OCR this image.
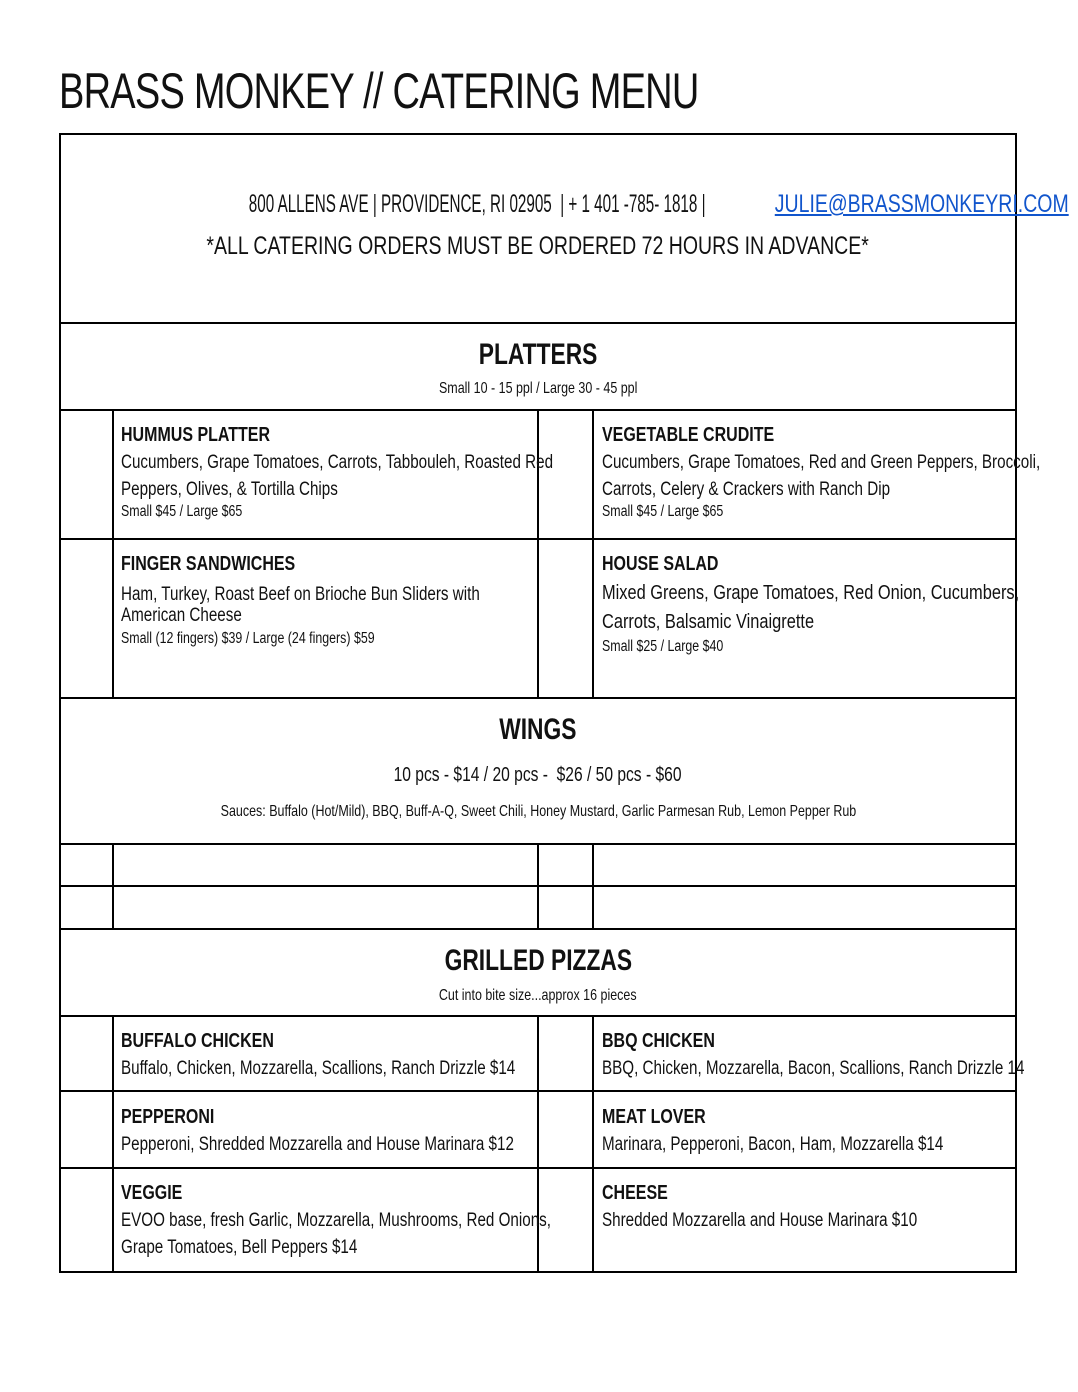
BRASS MONKEY // CATERING MENU
800 ALLENS AVE | PROVIDENCE, RI 02905  | + 1 401 -785- 1818 |	JULIE@BRASSMONKEYRI.COM
*ALL CATERING ORDERS MUST BE ORDERED 72 HOURS IN ADVANCE*
PLATTERS
Small 10 - 15 ppl / Large 30 - 45 ppl
HUMMUS PLATTER
Cucumbers, Grape Tomatoes, Carrots, Tabbouleh, Roasted Red
Peppers, Olives, & Tortilla Chips
Small $45 / Large $65
VEGETABLE CRUDITE
Cucumbers, Grape Tomatoes, Red and Green Peppers, Broccoli,
Carrots, Celery & Crackers with Ranch Dip
Small $45 / Large $65
FINGER SANDWICHES
Ham, Turkey, Roast Beef on Brioche Bun Sliders with
American Cheese
Small (12 fingers) $39 / Large (24 fingers) $59
HOUSE SALAD
Mixed Greens, Grape Tomatoes, Red Onion, Cucumbers,
Carrots, Balsamic Vinaigrette
Small $25 / Large $40
WINGS
10 pcs - $14 / 20 pcs -  $26 / 50 pcs - $60
Sauces: Buffalo (Hot/Mild), BBQ, Buff-A-Q, Sweet Chili, Honey Mustard, Garlic Parmesan Rub, Lemon Pepper Rub
GRILLED PIZZAS
Cut into bite size...approx 16 pieces
BUFFALO CHICKEN
Buffalo, Chicken, Mozzarella, Scallions, Ranch Drizzle $14
BBQ CHICKEN
BBQ, Chicken, Mozzarella, Bacon, Scallions, Ranch Drizzle 14
PEPPERONI
Pepperoni, Shredded Mozzarella and House Marinara $12
MEAT LOVER
Marinara, Pepperoni, Bacon, Ham, Mozzarella $14
VEGGIE
EVOO base, fresh Garlic, Mozzarella, Mushrooms, Red Onions,
Grape Tomatoes, Bell Peppers $14
CHEESE
Shredded Mozzarella and House Marinara $10
